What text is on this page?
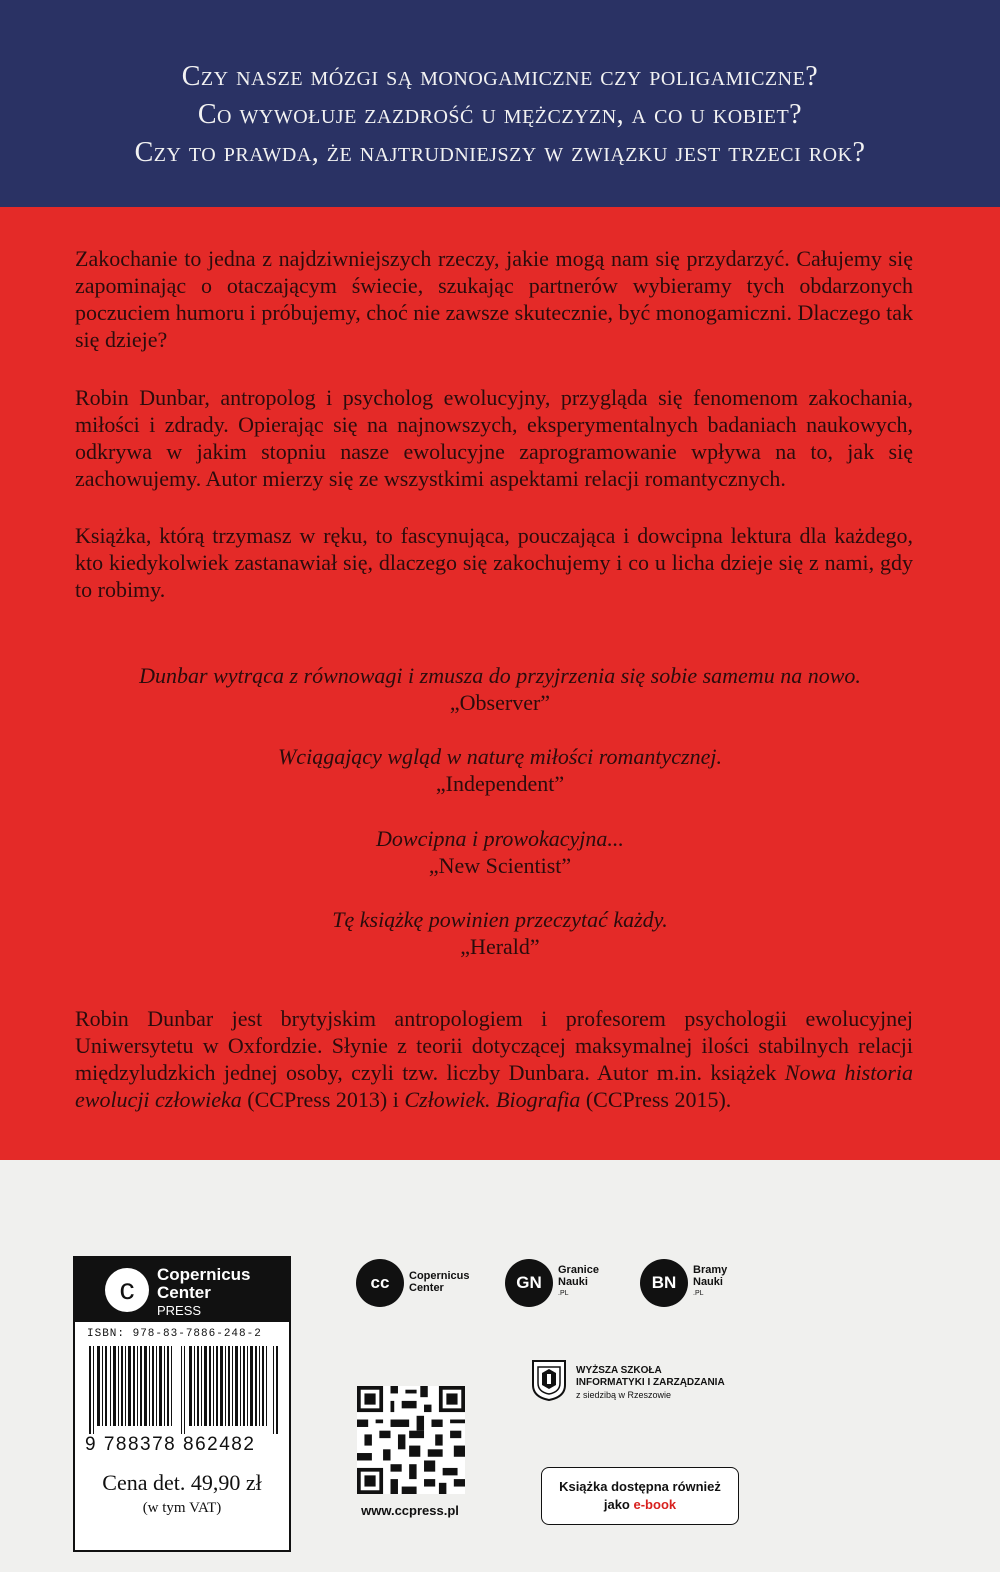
Czy nasze mózgi są monogamiczne czy poligamiczne?
Co wywołuje zazdrość u mężczyzn, a co u kobiet?
Czy to prawda, że najtrudniejszy w związku jest trzeci rok?
Zakochanie to jedna z najdziwniejszych rzeczy, jakie mogą nam się przydarzyć. Całujemy się zapominając o otaczającym świecie, szukając partnerów wybieramy tych obdarzonych poczuciem humoru i próbujemy, choć nie zawsze skutecznie, być monogamiczni. Dlaczego tak się dzieje?
Robin Dunbar, antropolog i psycholog ewolucyjny, przygląda się fenomenom zakochania, miłości i zdrady. Opierając się na najnowszych, eksperymentalnych badaniach naukowych, odkrywa w jakim stopniu nasze ewolucyjne zaprogramowanie wpływa na to, jak się zachowujemy. Autor mierzy się ze wszystkimi aspektami relacji romantycznych.
Książka, którą trzymasz w ręku, to fascynująca, pouczająca i dowcipna lektura dla każdego, kto kiedykolwiek zastanawiał się, dlaczego się zakochujemy i co u licha dzieje się z nami, gdy to robimy.
Dunbar wytrąca z równowagi i zmusza do przyjrzenia się sobie samemu na nowo.
„Observer”
Wciągający wgląd w naturę miłości romantycznej.
„Independent”
Dowcipna i prowokacyjna...
„New Scientist”
Tę książkę powinien przeczytać każdy.
„Herald”
Robin Dunbar jest brytyjskim antropologiem i profesorem psychologii ewolucyjnej Uniwersytetu w Oxfordzie. Słynie z teorii dotyczącej maksymalnej ilości stabilnych relacji międzyludzkich jednej osoby, czyli tzw. liczby Dunbara. Autor m.in. książek Nowa historia ewolucji człowieka (CCPress 2013) i Człowiek. Biografia (CCPress 2015).
ϲ	Copernicus
Center
PRESS
ISBN: 978-83-7886-248-2
9 788378 862482
Cena det. 49,90 zł
(w tym VAT)
cc	Copernicus
Center	GN
Granice
Nauki
.PL
BN
Bramy
Nauki
.PL
WYŻSZA SZKOŁA
INFORMATYKI I ZARZĄDZANIA
z siedzibą w Rzeszowie
www.ccpress.pl
Książka dostępna również
jako e-book
